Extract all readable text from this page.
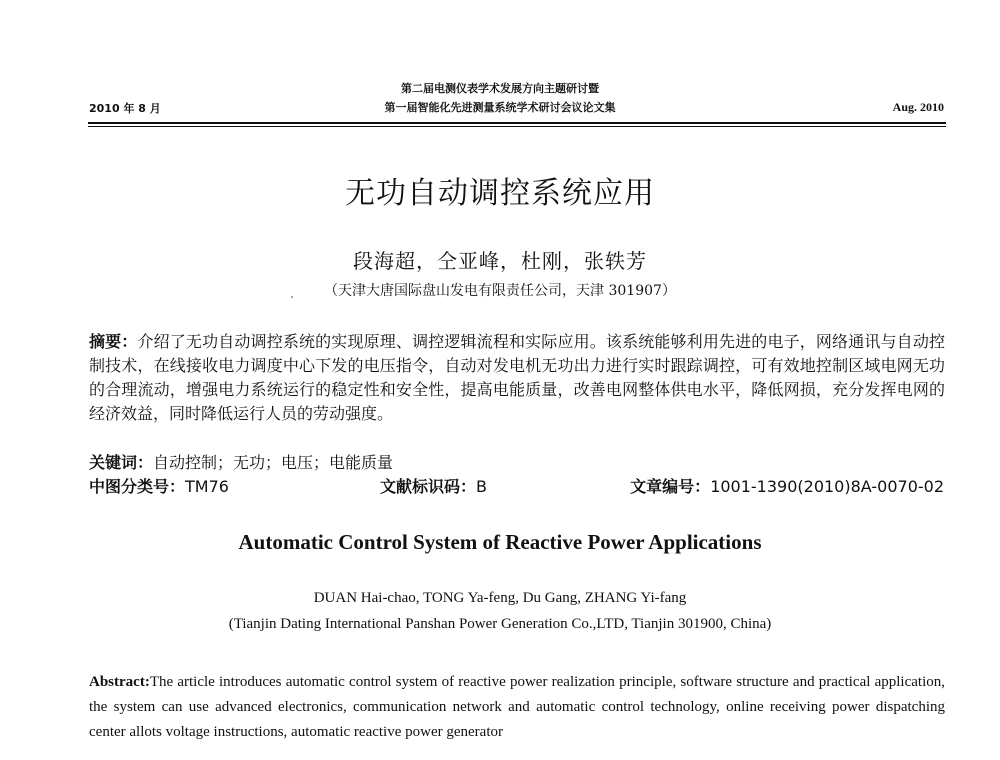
第二届电测仪表学术发展方向主题研讨暨
第一届智能化先进测量系统学术研讨会议论文集
2010 年 8 月	Aug. 2010
无功自动调控系统应用
段海超，仝亚峰，杜刚，张轶芳
（天津大唐国际盘山发电有限责任公司，天津 301907）
摘要：介绍了无功自动调控系统的实现原理、调控逻辑流程和实际应用。该系统能够利用先进的电子，网络通讯与自动控制技术，在线接收电力调度中心下发的电压指令，自动对发电机无功出力进行实时跟踪调控，可有效地控制区域电网无功的合理流动，增强电力系统运行的稳定性和安全性，提高电能质量，改善电网整体供电水平，降低网损，充分发挥电网的经济效益，同时降低运行人员的劳动强度。
关键词：自动控制；无功；电压；电能质量
中图分类号：TM76	文献标识码：B	文章编号：1001-1390(2010)8A-0070-02
Automatic Control System of Reactive Power Applications
DUAN Hai-chao, TONG Ya-feng, Du Gang, ZHANG Yi-fang
(Tianjin Dating International Panshan Power Generation Co.,LTD, Tianjin 301900, China)
Abstract:The article introduces automatic control system of reactive power realization principle, software structure and practical application, the system can use advanced electronics, communication network and automatic control technology, online receiving power dispatching center allots voltage instructions, automatic reactive power generator
